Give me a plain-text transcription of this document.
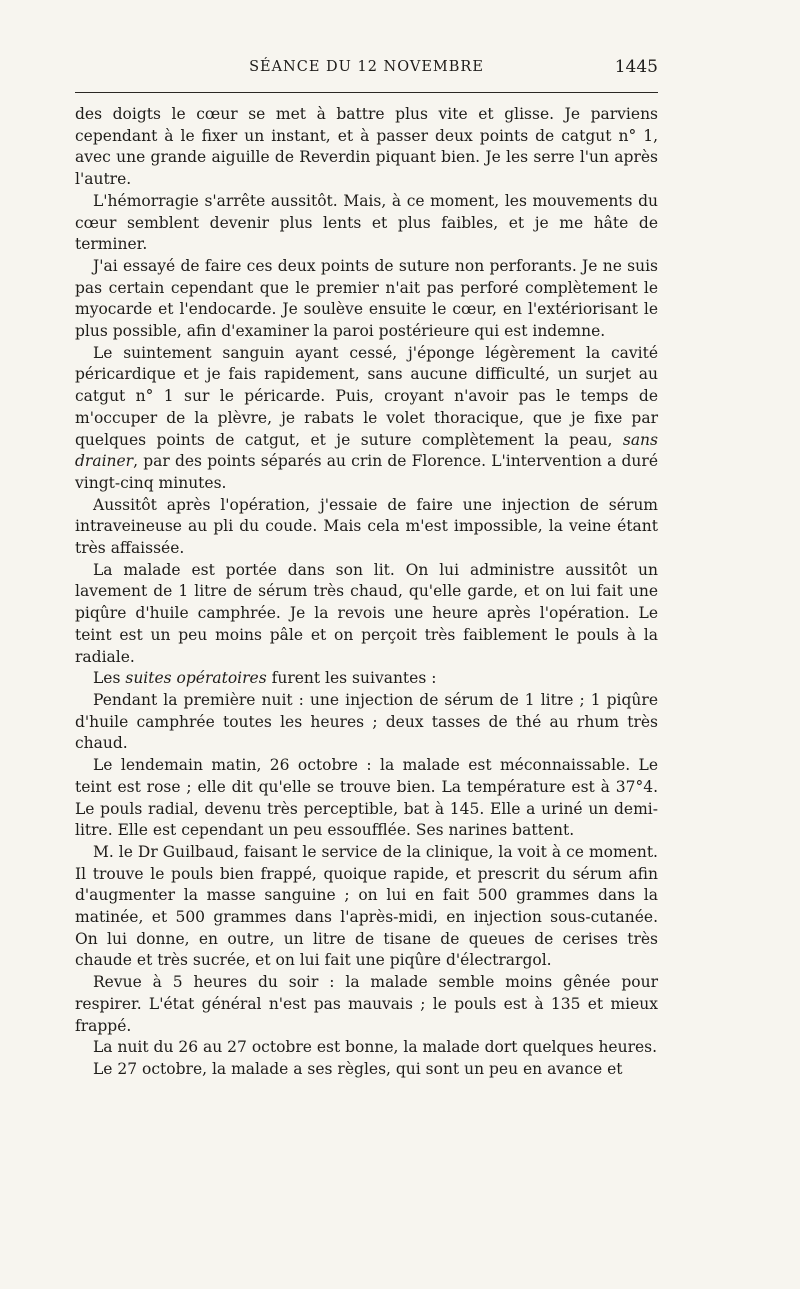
SÉANCE DU 12 NOVEMBRE	1445

des doigts le cœur se met à battre plus vite et glisse. Je parviens cependant à le fixer un instant, et à passer deux points de catgut n° 1, avec une grande aiguille de Reverdin piquant bien. Je les serre l'un après l'autre.

L'hémorragie s'arrête aussitôt. Mais, à ce moment, les mouvements du cœur semblent devenir plus lents et plus faibles, et je me hâte de terminer.

J'ai essayé de faire ces deux points de suture non perforants. Je ne suis pas certain cependant que le premier n'ait pas perforé complètement le myocarde et l'endocarde. Je soulève ensuite le cœur, en l'extériorisant le plus possible, afin d'examiner la paroi postérieure qui est indemne.

Le suintement sanguin ayant cessé, j'éponge légèrement la cavité péricardique et je fais rapidement, sans aucune difficulté, un surjet au catgut n° 1 sur le péricarde. Puis, croyant n'avoir pas le temps de m'occuper de la plèvre, je rabats le volet thoracique, que je fixe par quelques points de catgut, et je suture complètement la peau, sans drainer, par des points séparés au crin de Florence. L'intervention a duré vingt-cinq minutes.

Aussitôt après l'opération, j'essaie de faire une injection de sérum intraveineuse au pli du coude. Mais cela m'est impossible, la veine étant très affaissée.

La malade est portée dans son lit. On lui administre aussitôt un lavement de 1 litre de sérum très chaud, qu'elle garde, et on lui fait une piqûre d'huile camphrée. Je la revois une heure après l'opération. Le teint est un peu moins pâle et on perçoit très faiblement le pouls à la radiale.

Les suites opératoires furent les suivantes :

Pendant la première nuit : une injection de sérum de 1 litre ; 1 piqûre d'huile camphrée toutes les heures ; deux tasses de thé au rhum très chaud.

Le lendemain matin, 26 octobre : la malade est méconnaissable. Le teint est rose ; elle dit qu'elle se trouve bien. La température est à 37°4. Le pouls radial, devenu très perceptible, bat à 145. Elle a uriné un demi-litre. Elle est cependant un peu essoufflée. Ses narines battent.

M. le Dr Guilbaud, faisant le service de la clinique, la voit à ce moment. Il trouve le pouls bien frappé, quoique rapide, et prescrit du sérum afin d'augmenter la masse sanguine ; on lui en fait 500 grammes dans la matinée, et 500 grammes dans l'après-midi, en injection sous-cutanée. On lui donne, en outre, un litre de tisane de queues de cerises très chaude et très sucrée, et on lui fait une piqûre d'électrargol.

Revue à 5 heures du soir : la malade semble moins gênée pour respirer. L'état général n'est pas mauvais ; le pouls est à 135 et mieux frappé.

La nuit du 26 au 27 octobre est bonne, la malade dort quelques heures.

Le 27 octobre, la malade a ses règles, qui sont un peu en avance et
